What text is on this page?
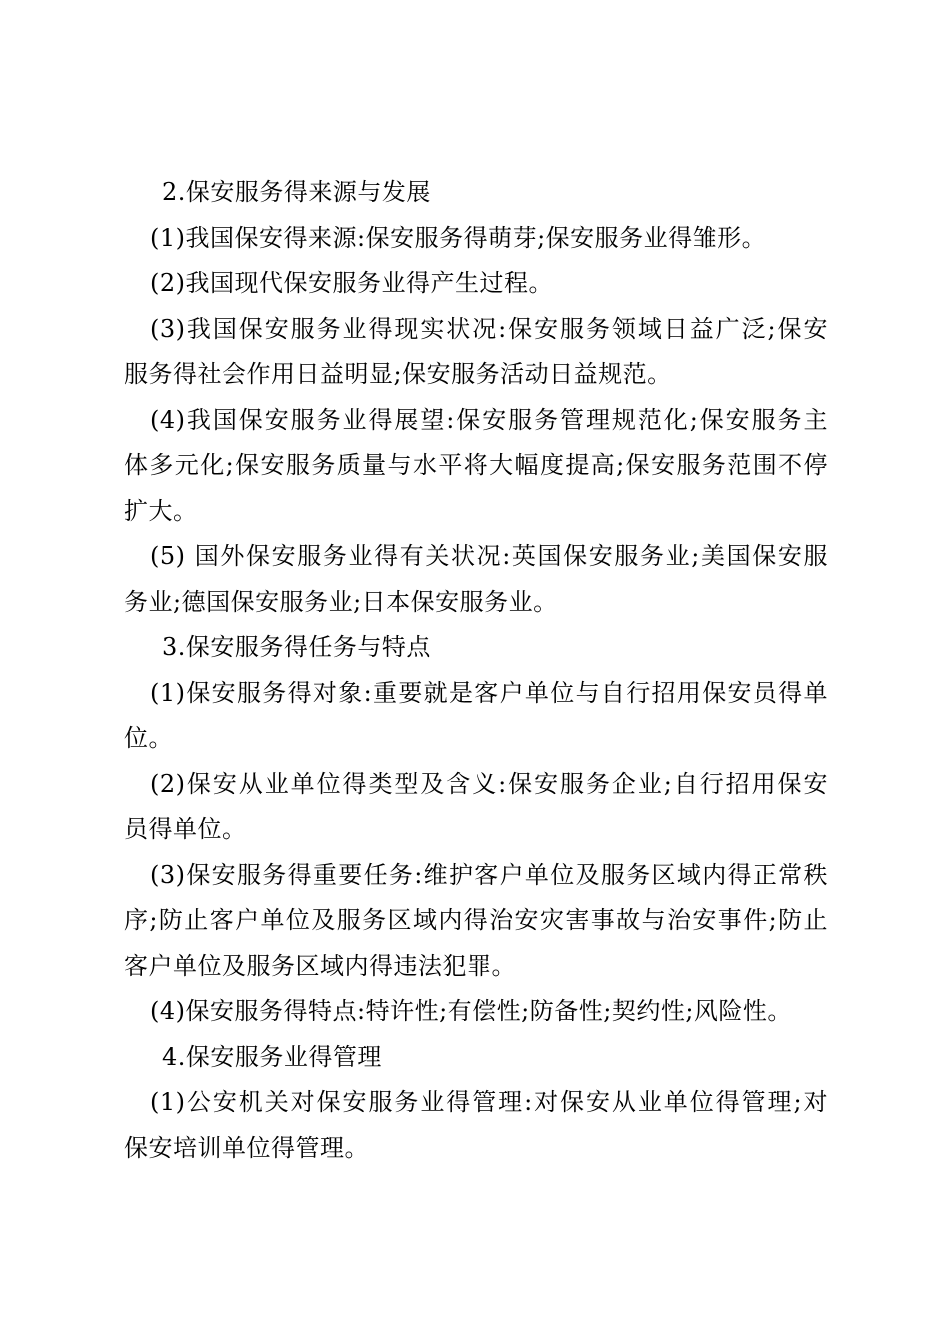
2.保安服务得来源与发展
(1)我国保安得来源:保安服务得萌芽;保安服务业得雏形。
(2)我国现代保安服务业得产生过程。
(3)我国保安服务业得现实状况:保安服务领域日益广泛;保安
服务得社会作用日益明显;保安服务活动日益规范。
(4)我国保安服务业得展望:保安服务管理规范化;保安服务主
体多元化;保安服务质量与水平将大幅度提高;保安服务范围不停
扩大。
(5) 国外保安服务业得有关状况:英国保安服务业;美国保安服
务业;德国保安服务业;日本保安服务业。
3.保安服务得任务与特点
(1)保安服务得对象:重要就是客户单位与自行招用保安员得单
位。
(2)保安从业单位得类型及含义:保安服务企业;自行招用保安
员得单位。
(3)保安服务得重要任务:维护客户单位及服务区域内得正常秩
序;防止客户单位及服务区域内得治安灾害事故与治安事件;防止
客户单位及服务区域内得违法犯罪。
(4)保安服务得特点:特许性;有偿性;防备性;契约性;风险性。
4.保安服务业得管理
(1)公安机关对保安服务业得管理:对保安从业单位得管理;对
保安培训单位得管理。
